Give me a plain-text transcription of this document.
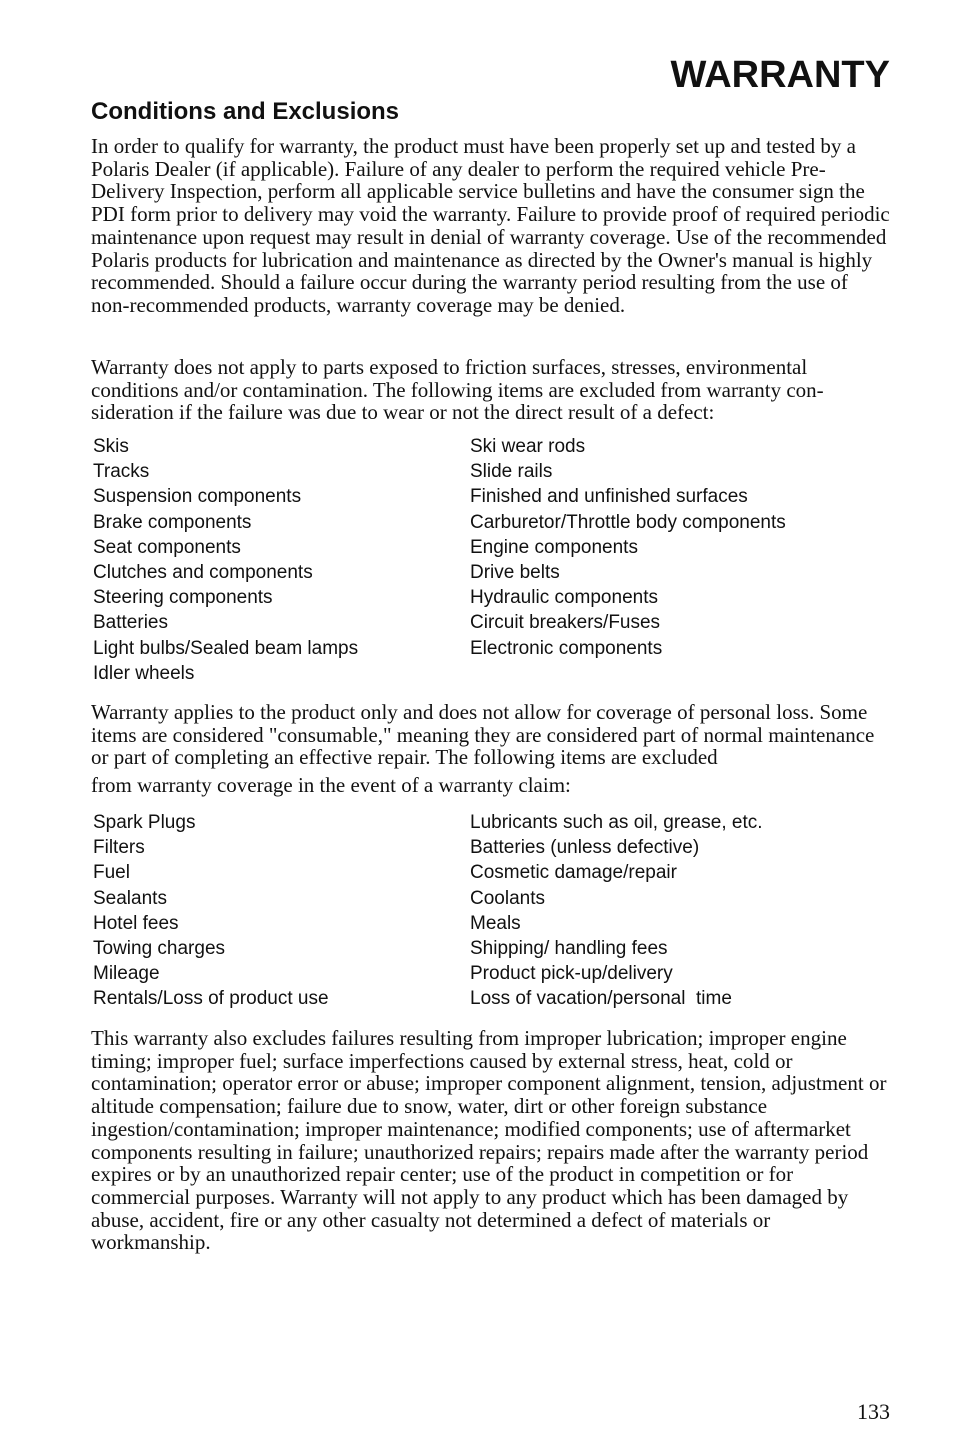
WARRANTY
Conditions and Exclusions

In order to qualify for warranty, the product must have been properly set up and tested by a Polaris Dealer (if applicable). Failure of any dealer to perform the required vehicle Pre-Delivery Inspection, perform all applicable service bulletins and have the consumer sign the PDI form prior to delivery may void the warranty. Failure to provide proof of required periodic maintenance upon request may result in denial of warranty coverage. Use of the recommended Polaris products for lubrication and maintenance as directed by the Owner's manual is highly recommended. Should a failure occur during the warranty period resulting from the use of non-recommended products, warranty coverage may be denied.

Warranty does not apply to parts exposed to friction surfaces, stresses, environmental conditions and/or contamination. The following items are excluded from warranty con-sideration if the failure was due to wear or not the direct result of a defect:

Skis	Ski wear rods
Tracks	Slide rails
Suspension components	Finished and unfinished surfaces
Brake components	Carburetor/Throttle body components
Seat components	Engine components
Clutches and components	Drive belts
Steering components	Hydraulic components
Batteries	Circuit breakers/Fuses
Light bulbs/Sealed beam lamps	Electronic components
Idler wheels

Warranty applies to the product only and does not allow for coverage of personal loss. Some items are considered "consumable," meaning they are considered part of normal maintenance or part of completing an effective repair. The following items are excluded
from warranty coverage in the event of a warranty claim:

Spark Plugs	Lubricants such as oil, grease, etc.
Filters	Batteries (unless defective)
Fuel	Cosmetic damage/repair
Sealants	Coolants
Hotel fees	Meals
Towing charges	Shipping/ handling fees
Mileage	Product pick-up/delivery
Rentals/Loss of product use	Loss of vacation/personal  time

This warranty also excludes failures resulting from improper lubrication; improper engine timing; improper fuel; surface imperfections caused by external stress, heat, cold or contamination; operator error or abuse; improper component alignment, tension, adjustment or altitude compensation; failure due to snow, water, dirt or other foreign substance ingestion/contamination; improper maintenance; modified components; use of aftermarket components resulting in failure; unauthorized repairs; repairs made after the warranty period expires or by an unauthorized repair center; use of the product in competition or for commercial purposes. Warranty will not apply to any product which has been damaged by abuse, accident, fire or any other casualty not determined a defect of materials or workmanship.

133
